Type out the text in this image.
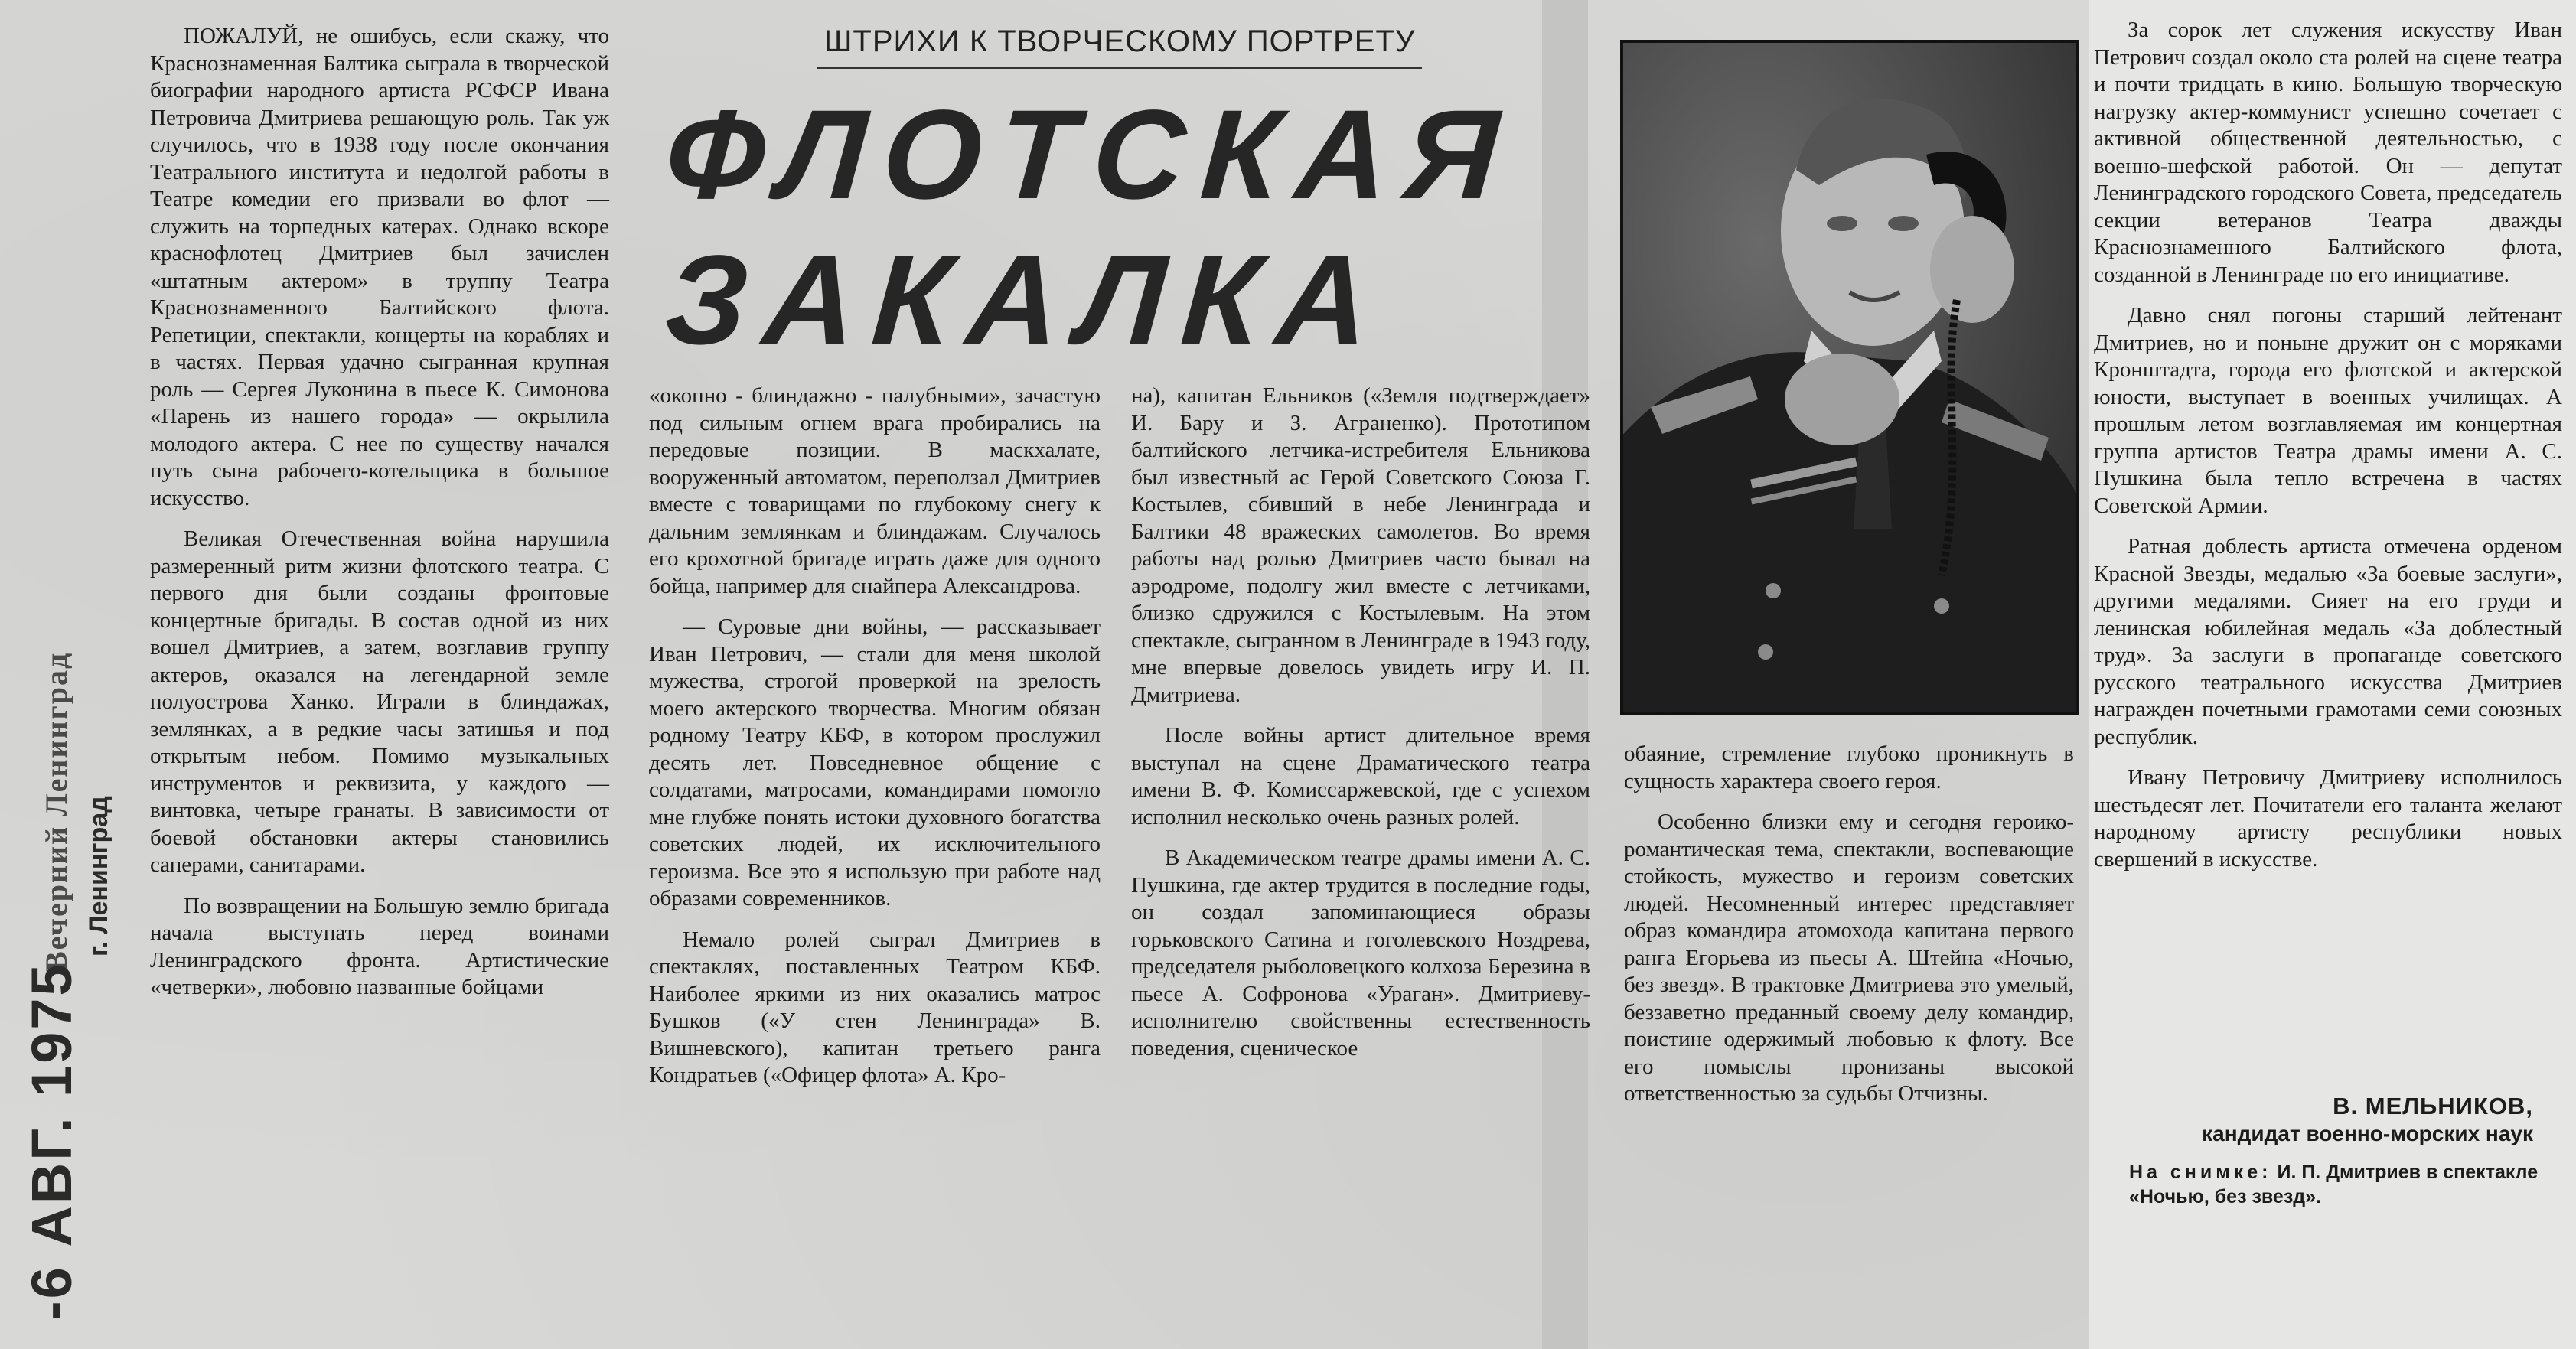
Вечерний Ленинград г. Ленинград
-6 АВГ. 1975

ПОЖАЛУЙ, не ошибусь, если скажу, что Краснознаменная Балтика сыграла в творческой биографии народного артиста РСФСР Ивана Петровича Дмитриева решающую роль. Так уж случилось, что в 1938 году после окончания Театрального института и недолгой работы в Театре комедии его призвали во флот — служить на торпедных катерах. Однако вскоре краснофлотец Дмитриев был зачислен «штатным актером» в труппу Театра Краснознаменного Балтийского флота. Репетиции, спектакли, концерты на кораблях и в частях. Первая удачно сыгранная крупная роль — Сергея Луконина в пьесе К. Симонова «Парень из нашего города» — окрылила молодого актера. С нее по существу начался путь сына рабочего-котельщика в большое искусство.

Великая Отечественная война нарушила размеренный ритм жизни флотского театра. С первого дня были созданы фронтовые концертные бригады. В состав одной из них вошел Дмитриев, а затем, возглавив группу актеров, оказался на легендарной земле полуострова Ханко. Играли в блиндажах, землянках, а в редкие часы затишья и под открытым небом. Помимо музыкальных инструментов и реквизита, у каждого — винтовка, четыре гранаты. В зависимости от боевой обстановки актеры становились саперами, санитарами.

По возвращении на Большую землю бригада начала выступать перед воинами Ленинградского фронта. Артистические «четверки», любовно названные бойцами

ШТРИХИ К ТВОРЧЕСКОМУ ПОРТРЕТУ
ФЛОТСКАЯ
ЗАКАЛКА

«окопно - блиндажно - палубными», зачастую под сильным огнем врага пробирались на передовые позиции. В маскхалате, вооруженный автоматом, переползал Дмитриев вместе с товарищами по глубокому снегу к дальним землянкам и блиндажам. Случалось его крохотной бригаде играть даже для одного бойца, например для снайпера Александрова.

— Суровые дни войны, — рассказывает Иван Петрович, — стали для меня школой мужества, строгой проверкой на зрелость моего актерского творчества. Многим обязан родному Театру КБФ, в котором прослужил десять лет. Повседневное общение с солдатами, матросами, командирами помогло мне глубже понять истоки духовного богатства советских людей, их исключительного героизма. Все это я использую при работе над образами современников.

Немало ролей сыграл Дмитриев в спектаклях, поставленных Театром КБФ. Наиболее яркими из них оказались матрос Бушков («У стен Ленинграда» В. Вишневского), капитан третьего ранга Кондратьев («Офицер флота» А. Кро-

на), капитан Ельников («Земля подтверждает» И. Бару и З. Аграненко). Прототипом балтийского летчика-истребителя Ельникова был известный ас Герой Советского Союза Г. Костылев, сбивший в небе Ленинграда и Балтики 48 вражеских самолетов. Во время работы над ролью Дмитриев часто бывал на аэродроме, подолгу жил вместе с летчиками, близко сдружился с Костылевым. На этом спектакле, сыгранном в Ленинграде в 1943 году, мне впервые довелось увидеть игру И. П. Дмитриева.

После войны артист длительное время выступал на сцене Драматического театра имени В. Ф. Комиссаржевской, где с успехом исполнил несколько очень разных ролей.

В Академическом театре драмы имени А. С. Пушкина, где актер трудится в последние годы, он создал запоминающиеся образы горьковского Сатина и гоголевского Ноздрева, председателя рыболовецкого колхоза Березина в пьесе А. Софронова «Ураган». Дмитриеву-исполнителю свойственны естественность поведения, сценическое

обаяние, стремление глубоко проникнуть в сущность характера своего героя.

Особенно близки ему и сегодня героико-романтическая тема, спектакли, воспевающие стойкость, мужество и героизм советских людей. Несомненный интерес представляет образ командира атомохода капитана первого ранга Егорьева из пьесы А. Штейна «Ночью, без звезд». В трактовке Дмитриева это умелый, беззаветно преданный своему делу командир, поистине одержимый любовью к флоту. Все его помыслы пронизаны высокой ответственностью за судьбы Отчизны.

За сорок лет служения искусству Иван Петрович создал около ста ролей на сцене театра и почти тридцать в кино. Большую творческую нагрузку актер-коммунист успешно сочетает с активной общественной деятельностью, с военно-шефской работой. Он — депутат Ленинградского городского Совета, председатель секции ветеранов Театра дважды Краснознаменного Балтийского флота, созданной в Ленинграде по его инициативе.

Давно снял погоны старший лейтенант Дмитриев, но и поныне дружит он с моряками Кронштадта, города его флотской и актерской юности, выступает в военных училищах. А прошлым летом возглавляемая им концертная группа артистов Театра драмы имени А. С. Пушкина была тепло встречена в частях Советской Армии.

Ратная доблесть артиста отмечена орденом Красной Звезды, медалью «За боевые заслуги», другими медалями. Сияет на его груди и ленинская юбилейная медаль «За доблестный труд». За заслуги в пропаганде советского русского театрального искусства Дмитриев награжден почетными грамотами семи союзных республик.

Ивану Петровичу Дмитриеву исполнилось шестьдесят лет. Почитатели его таланта желают народному артисту республики новых свершений в искусстве.

В. МЕЛЬНИКОВ,
кандидат военно-морских наук
На снимке: И. П. Дмитриев в спектакле «Ночью, без звезд».
